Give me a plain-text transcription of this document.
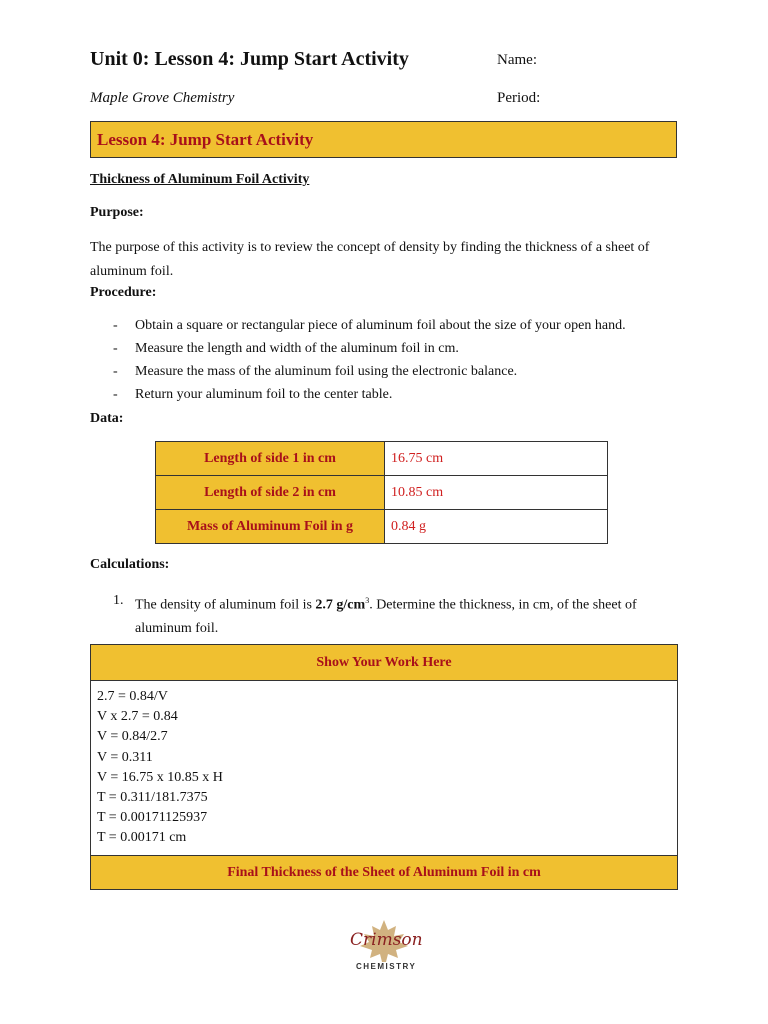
Unit 0: Lesson 4: Jump Start Activity	Name:
Maple Grove Chemistry	Period:
Lesson 4: Jump Start Activity
Thickness of Aluminum Foil Activity
Purpose:
The purpose of this activity is to review the concept of density by finding the thickness of a sheet of aluminum foil.
Procedure:
- Obtain a square or rectangular piece of aluminum foil about the size of your open hand.
- Measure the length and width of the aluminum foil in cm.
- Measure the mass of the aluminum foil using the electronic balance.
- Return your aluminum foil to the center table.
Data:
Length of side 1 in cm	16.75 cm
Length of side 2 in cm	10.85 cm
Mass of Aluminum Foil in g	0.84 g
Calculations:
1. The density of aluminum foil is 2.7 $g/cm^3$. Determine the thickness, in cm, of the sheet of aluminum foil.
Show Your Work Here
2.7 = 0.84/V
V x 2.7 = 0.84
V = 0.84/2.7
V = 0.311
V = 16.75 x 10.85 x H
T = 0.311/181.7375
T = 0.00171125937
T = 0.00171 cm
Final Thickness of the Sheet of Aluminum Foil in cm
Crimson
CHEMISTRY
